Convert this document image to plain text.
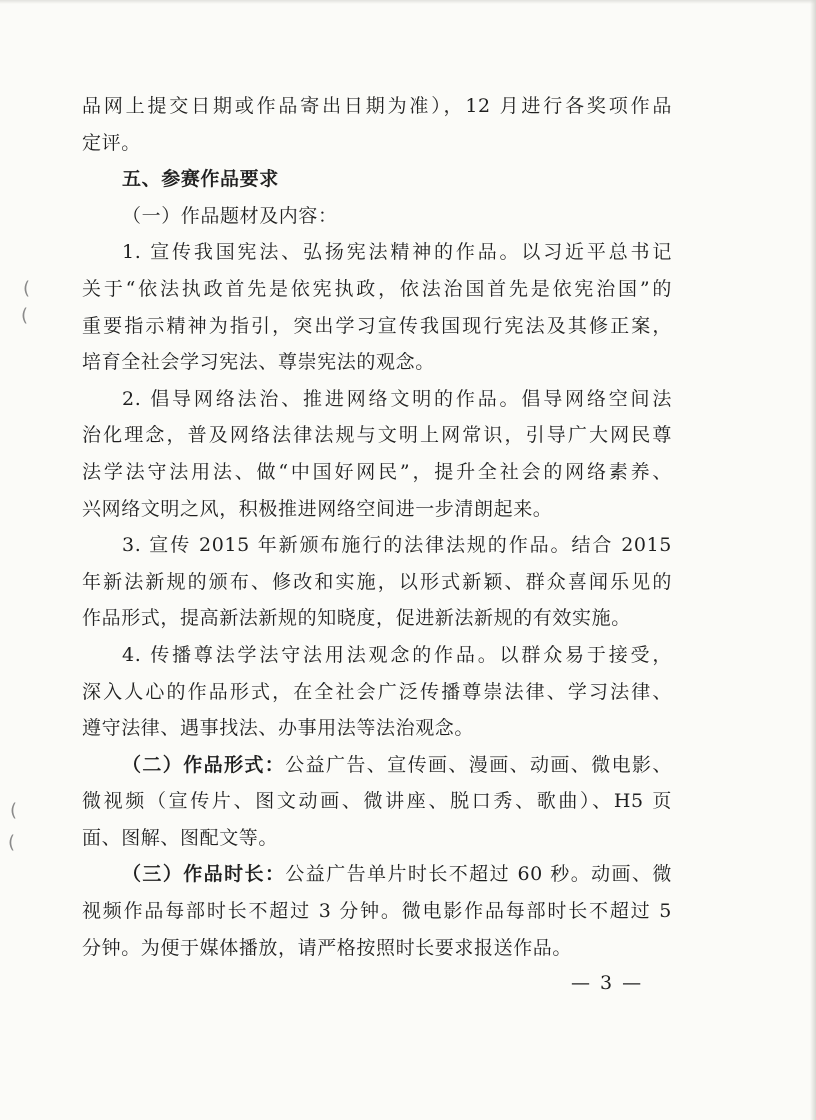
(
(
(
(
品网上提交日期或作品寄出日期为准），12 月进行各奖项作品
定评。
五、参赛作品要求
（一）作品题材及内容：
1. 宣传我国宪法、弘扬宪法精神的作品。以习近平总书记
关于“依法执政首先是依宪执政，依法治国首先是依宪治国”的
重要指示精神为指引，突出学习宣传我国现行宪法及其修正案，
培育全社会学习宪法、尊崇宪法的观念。
2. 倡导网络法治、推进网络文明的作品。倡导网络空间法
治化理念，普及网络法律法规与文明上网常识，引导广大网民尊
法学法守法用法、做“中国好网民”，提升全社会的网络素养、
兴网络文明之风，积极推进网络空间进一步清朗起来。
3. 宣传 2015 年新颁布施行的法律法规的作品。结合 2015
年新法新规的颁布、修改和实施，以形式新颖、群众喜闻乐见的
作品形式，提高新法新规的知晓度，促进新法新规的有效实施。
4. 传播尊法学法守法用法观念的作品。以群众易于接受，
深入人心的作品形式，在全社会广泛传播尊崇法律、学习法律、
遵守法律、遇事找法、办事用法等法治观念。
（二）作品形式：公益广告、宣传画、漫画、动画、微电影、
微视频（宣传片、图文动画、微讲座、脱口秀、歌曲）、H5 页
面、图解、图配文等。
（三）作品时长：公益广告单片时长不超过 60 秒。动画、微
视频作品每部时长不超过 3 分钟。微电影作品每部时长不超过 5
分钟。为便于媒体播放，请严格按照时长要求报送作品。
— 3 —
